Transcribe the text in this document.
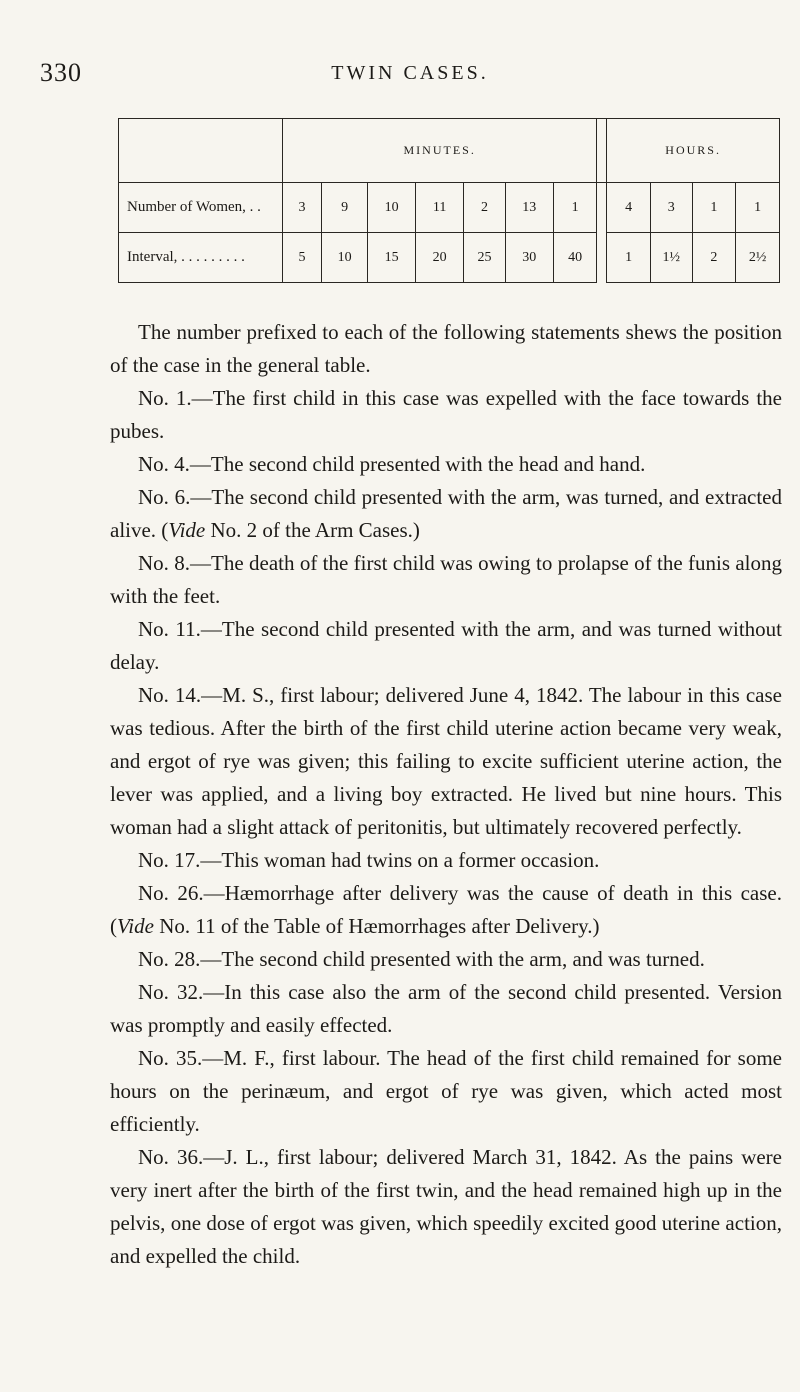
330	TWIN CASES.
	MINUTES.								HOURS.			
Number of Women, . .	3	9	10	11	2	13	1		4	3	1	1
Interval, . . . . . . . . .	5	10	15	20	25	30	40		1	1½	2	2½

The number prefixed to each of the following statements shews the position of the case in the general table.

No. 1.—The first child in this case was expelled with the face towards the pubes.

No. 4.—The second child presented with the head and hand.

No. 6.—The second child presented with the arm, was turned, and extracted alive. (Vide No. 2 of the Arm Cases.)

No. 8.—The death of the first child was owing to prolapse of the funis along with the feet.

No. 11.—The second child presented with the arm, and was turned without delay.

No. 14.—M. S., first labour; delivered June 4, 1842. The labour in this case was tedious. After the birth of the first child uterine action became very weak, and ergot of rye was given; this failing to excite sufficient uterine action, the lever was applied, and a living boy extracted. He lived but nine hours. This woman had a slight attack of peritonitis, but ultimately recovered perfectly.

No. 17.—This woman had twins on a former occasion.

No. 26.—Hæmorrhage after delivery was the cause of death in this case. (Vide No. 11 of the Table of Hæmorrhages after Delivery.)

No. 28.—The second child presented with the arm, and was turned.

No. 32.—In this case also the arm of the second child presented. Version was promptly and easily effected.

No. 35.—M. F., first labour. The head of the first child remained for some hours on the perinæum, and ergot of rye was given, which acted most efficiently.

No. 36.—J. L., first labour; delivered March 31, 1842. As the pains were very inert after the birth of the first twin, and the head remained high up in the pelvis, one dose of ergot was given, which speedily excited good uterine action, and expelled the child.
